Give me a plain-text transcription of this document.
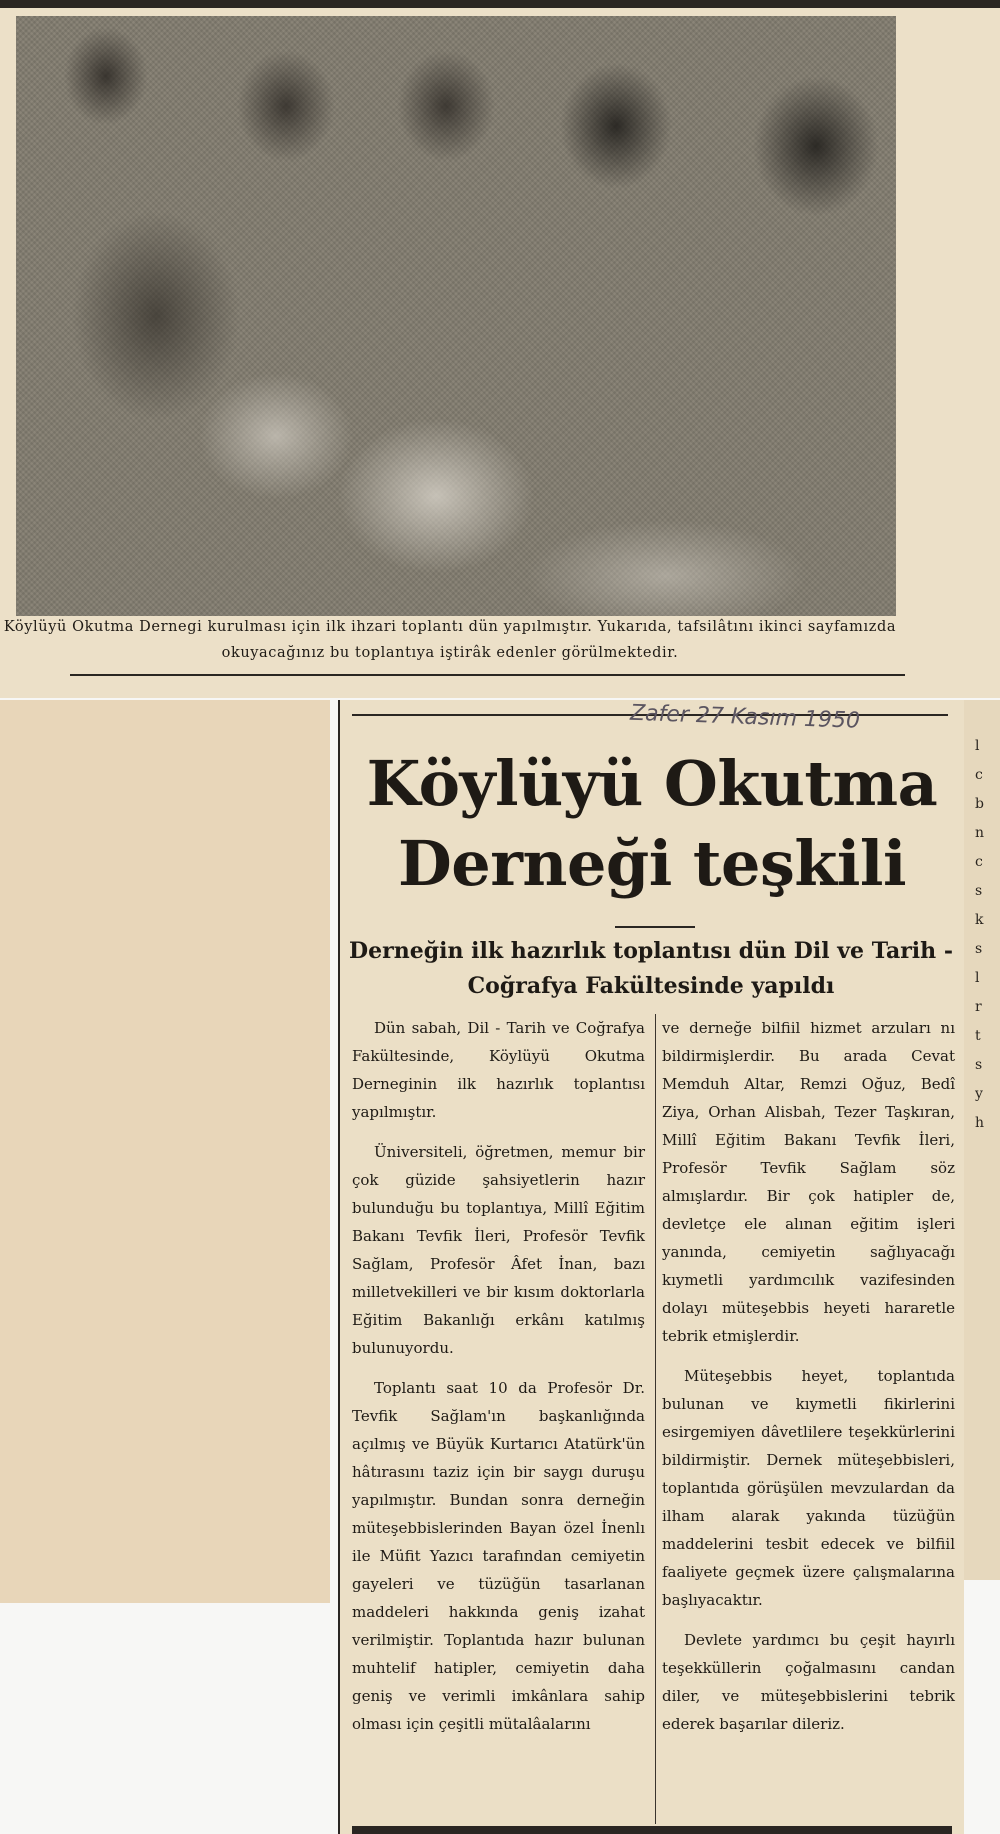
Köylüyü Okutma Dernegi kurulması için ilk ihzari toplantı dün yapılmıştır. Yukarıda, tafsilâtını ikinci sayfamızda okuyacağınız bu toplantıya iştirâk edenler görülmektedir.
l
c
b
n
c
s
k
s
l
r
t
s
y
h
Zafer 27 Kasım 1950
Köylüyü Okutma
Derneği teşkili
Derneğin ilk hazırlık toplantısı dün Dil ve Tarih - Coğrafya Fakültesinde yapıldı

Dün sabah, Dil - Tarih ve Coğrafya Fakültesinde, Köylüyü Okutma Derneginin ilk hazırlık toplantısı yapılmıştır.

Üniversiteli, öğretmen, memur bir çok güzide şahsiyetlerin hazır bulunduğu bu toplantıya, Millî Eğitim Bakanı Tevfik İleri, Profesör Tevfik Sağlam, Profesör Âfet İnan, bazı milletvekilleri ve bir kısım doktorlarla Eğitim Bakanlığı erkânı katılmış bulunuyordu.

Toplantı saat 10 da Profesör Dr. Tevfik Sağlam'ın başkanlığında açılmış ve Büyük Kurtarıcı Atatürk'ün hâtırasını taziz için bir saygı duruşu yapılmıştır. Bundan sonra derneğin müteşebbislerinden Bayan özel İnenlı ile Müfit Yazıcı tarafından cemiyetin gayeleri ve tüzüğün tasarlanan maddeleri hakkında geniş izahat verilmiştir. Toplantıda hazır bulunan muhtelif hatipler, cemiyetin daha geniş ve verimli imkânlara sahip olması için çeşitli mütalâalarını

ve derneğe bilfiil hizmet arzuları nı bildirmişlerdir. Bu arada Cevat Memduh Altar, Remzi Oğuz, Bedî Ziya, Orhan Alisbah, Tezer Taşkıran, Millî Eğitim Bakanı Tevfik İleri, Profesör Tevfik Sağlam söz almışlardır. Bir çok hatipler de, devletçe ele alınan eğitim işleri yanında, cemiyetin sağlıyacağı kıymetli yardımcılık vazifesinden dolayı müteşebbis heyeti hararetle tebrik etmişlerdir.

Müteşebbis heyet, toplantıda bulunan ve kıymetli fikirlerini esirgemiyen dâvetlilere teşekkürlerini bildirmiştir. Dernek müteşebbisleri, toplantıda görüşülen mevzulardan da ilham alarak yakında tüzüğün maddelerini tesbit edecek ve bilfiil faaliyete geçmek üzere çalışmalarına başlıyacaktır.

Devlete yardımcı bu çeşit hayırlı teşekküllerin çoğalmasını candan diler, ve müteşebbislerini tebrik ederek başarılar dileriz.
